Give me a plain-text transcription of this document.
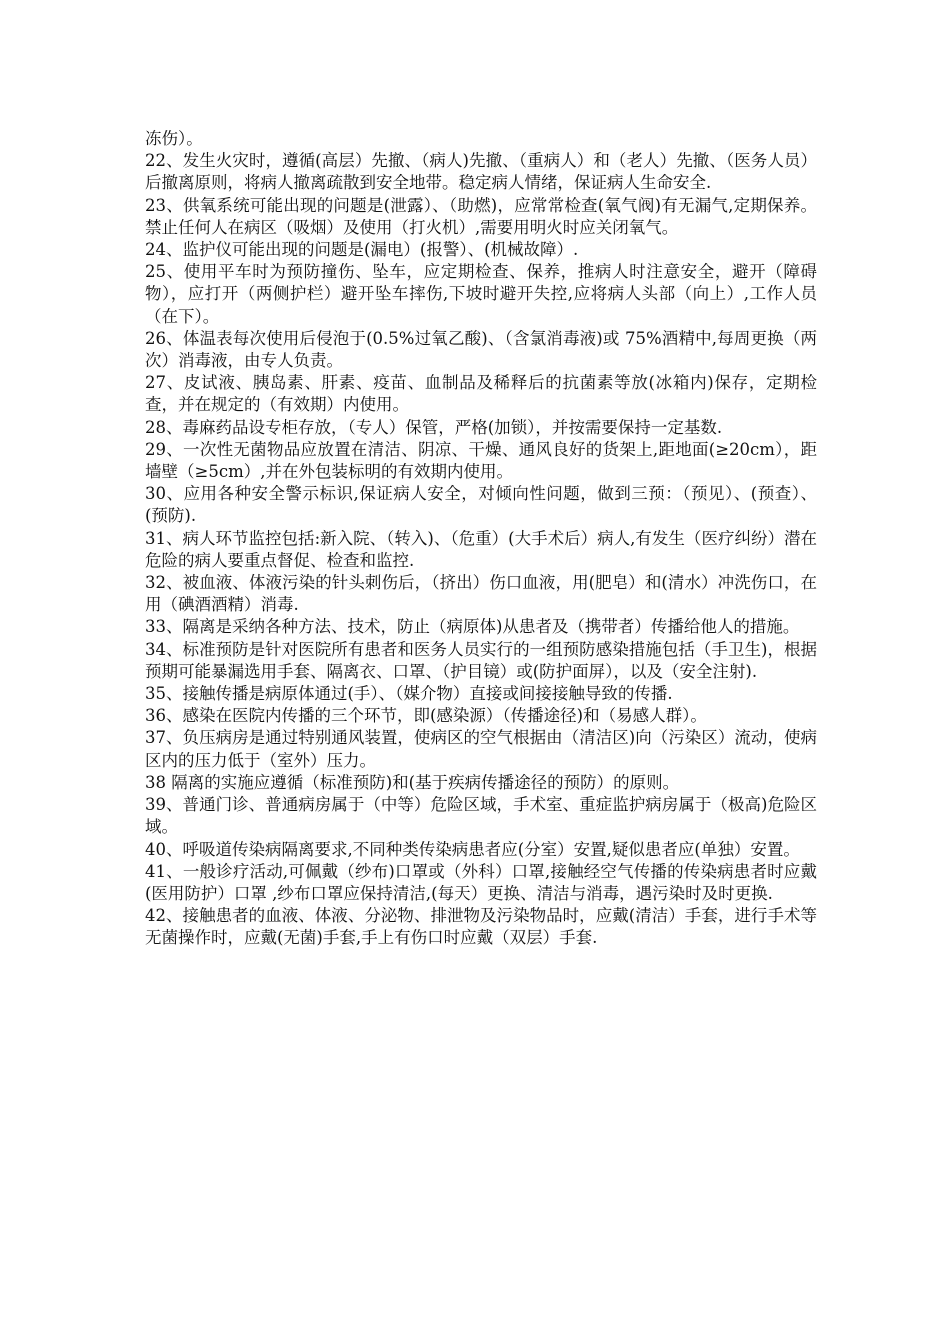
冻伤）。

22、发生火灾时，遵循(高层）先撤、（病人)先撤、（重病人）和（老人）先撤、（医务人员）后撤离原则，将病人撤离疏散到安全地带。稳定病人情绪，保证病人生命安全.

23、供氧系统可能出现的问题是(泄露）、（助燃)，应常常检查(氧气阀)有无漏气,定期保养。禁止任何人在病区（吸烟）及使用（打火机）,需要用明火时应关闭氧气。

24、监护仪可能出现的问题是(漏电）(报警）、(机械故障）.

25、使用平车时为预防撞伤、坠车，应定期检查、保养，推病人时注意安全，避开（障碍物），应打开（两侧护栏）避开坠车摔伤,下坡时避开失控,应将病人头部（向上）,工作人员（在下）。

26、体温表每次使用后侵泡于(0.5%过氧乙酸)、（含氯消毒液)或 75%酒精中,每周更换（两次）消毒液，由专人负责。

27、皮试液、胰岛素、肝素、疫苗、血制品及稀释后的抗菌素等放(冰箱内)保存，定期检查，并在规定的（有效期）内使用。

28、毒麻药品设专柜存放，（专人）保管，严格(加锁），并按需要保持一定基数.

29、一次性无菌物品应放置在清洁、阴凉、干燥、通风良好的货架上,距地面(≥20cm），距墙壁（≥5cm）,并在外包装标明的有效期内使用。

30、应用各种安全警示标识,保证病人安全，对倾向性问题，做到三预：（预见）、(预查）、(预防).

31、病人环节监控包括:新入院、（转入)、（危重）(大手术后）病人,有发生（医疗纠纷）潜在危险的病人要重点督促、检查和监控.

32、被血液、体液污染的针头刺伤后，（挤出）伤口血液，用(肥皂）和(清水）冲洗伤口，在用（碘酒酒精）消毒.

33、隔离是采纳各种方法、技术，防止（病原体)从患者及（携带者）传播给他人的措施。

34、标准预防是针对医院所有患者和医务人员实行的一组预防感染措施包括（手卫生)，根据预期可能暴漏选用手套、隔离衣、口罩、（护目镜）或(防护面屏），以及（安全注射).

35、接触传播是病原体通过(手）、（媒介物）直接或间接接触导致的传播.

36、感染在医院内传播的三个环节，即(感染源）（传播途径)和（易感人群）。

37、负压病房是通过特别通风装置，使病区的空气根据由（清洁区)向（污染区）流动，使病区内的压力低于（室外）压力。

38 隔离的实施应遵循（标准预防)和(基于疾病传播途径的预防）的原则。

39、普通门诊、普通病房属于（中等）危险区域，手术室、重症监护病房属于（极高)危险区域。

40、呼吸道传染病隔离要求,不同种类传染病患者应(分室）安置,疑似患者应(单独）安置。

41、一般诊疗活动,可佩戴（纱布)口罩或（外科）口罩,接触经空气传播的传染病患者时应戴(医用防护）口罩 ,纱布口罩应保持清洁,(每天）更换、清洁与消毒，遇污染时及时更换.

42、接触患者的血液、体液、分泌物、排泄物及污染物品时，应戴(清洁）手套，进行手术等无菌操作时，应戴(无菌)手套,手上有伤口时应戴（双层）手套.
